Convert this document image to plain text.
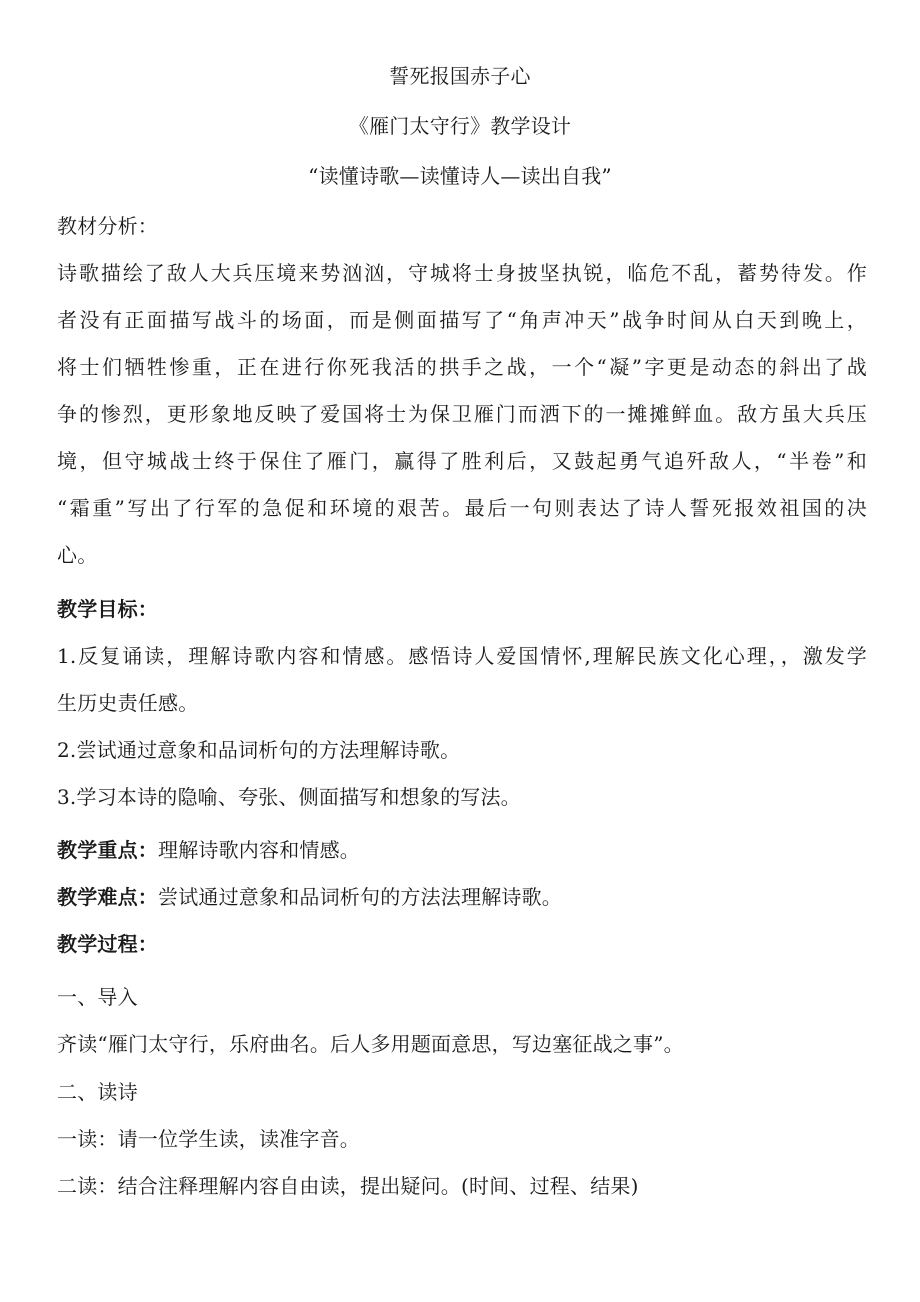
誓死报国赤子心
《雁门太守行》教学设计
“读懂诗歌—读懂诗人—读出自我”
教材分析：
诗歌描绘了敌人大兵压境来势汹汹，守城将士身披坚执锐，临危不乱，蓄势待发。作
者没有正面描写战斗的场面，而是侧面描写了“角声冲天”战争时间从白天到晚上，
将士们牺牲惨重，正在进行你死我活的拱手之战，一个“凝”字更是动态的斜出了战
争的惨烈，更形象地反映了爱国将士为保卫雁门而洒下的一摊摊鲜血。敌方虽大兵压
境，但守城战士终于保住了雁门，赢得了胜利后，又鼓起勇气追歼敌人，“半卷”和
“霜重”写出了行军的急促和环境的艰苦。最后一句则表达了诗人誓死报效祖国的决
心。
教学目标：
1.反复诵读，理解诗歌内容和情感。感悟诗人爱国情怀,理解民族文化心理，，激发学
生历史责任感。
2.尝试通过意象和品词析句的方法理解诗歌。
3.学习本诗的隐喻、夸张、侧面描写和想象的写法。
教学重点：理解诗歌内容和情感。
教学难点：尝试通过意象和品词析句的方法法理解诗歌。
教学过程：
一、导入
齐读“雁门太守行，乐府曲名。后人多用题面意思，写边塞征战之事”。
二、读诗
一读：请一位学生读，读准字音。
二读：结合注释理解内容自由读，提出疑问。(时间、过程、结果)
